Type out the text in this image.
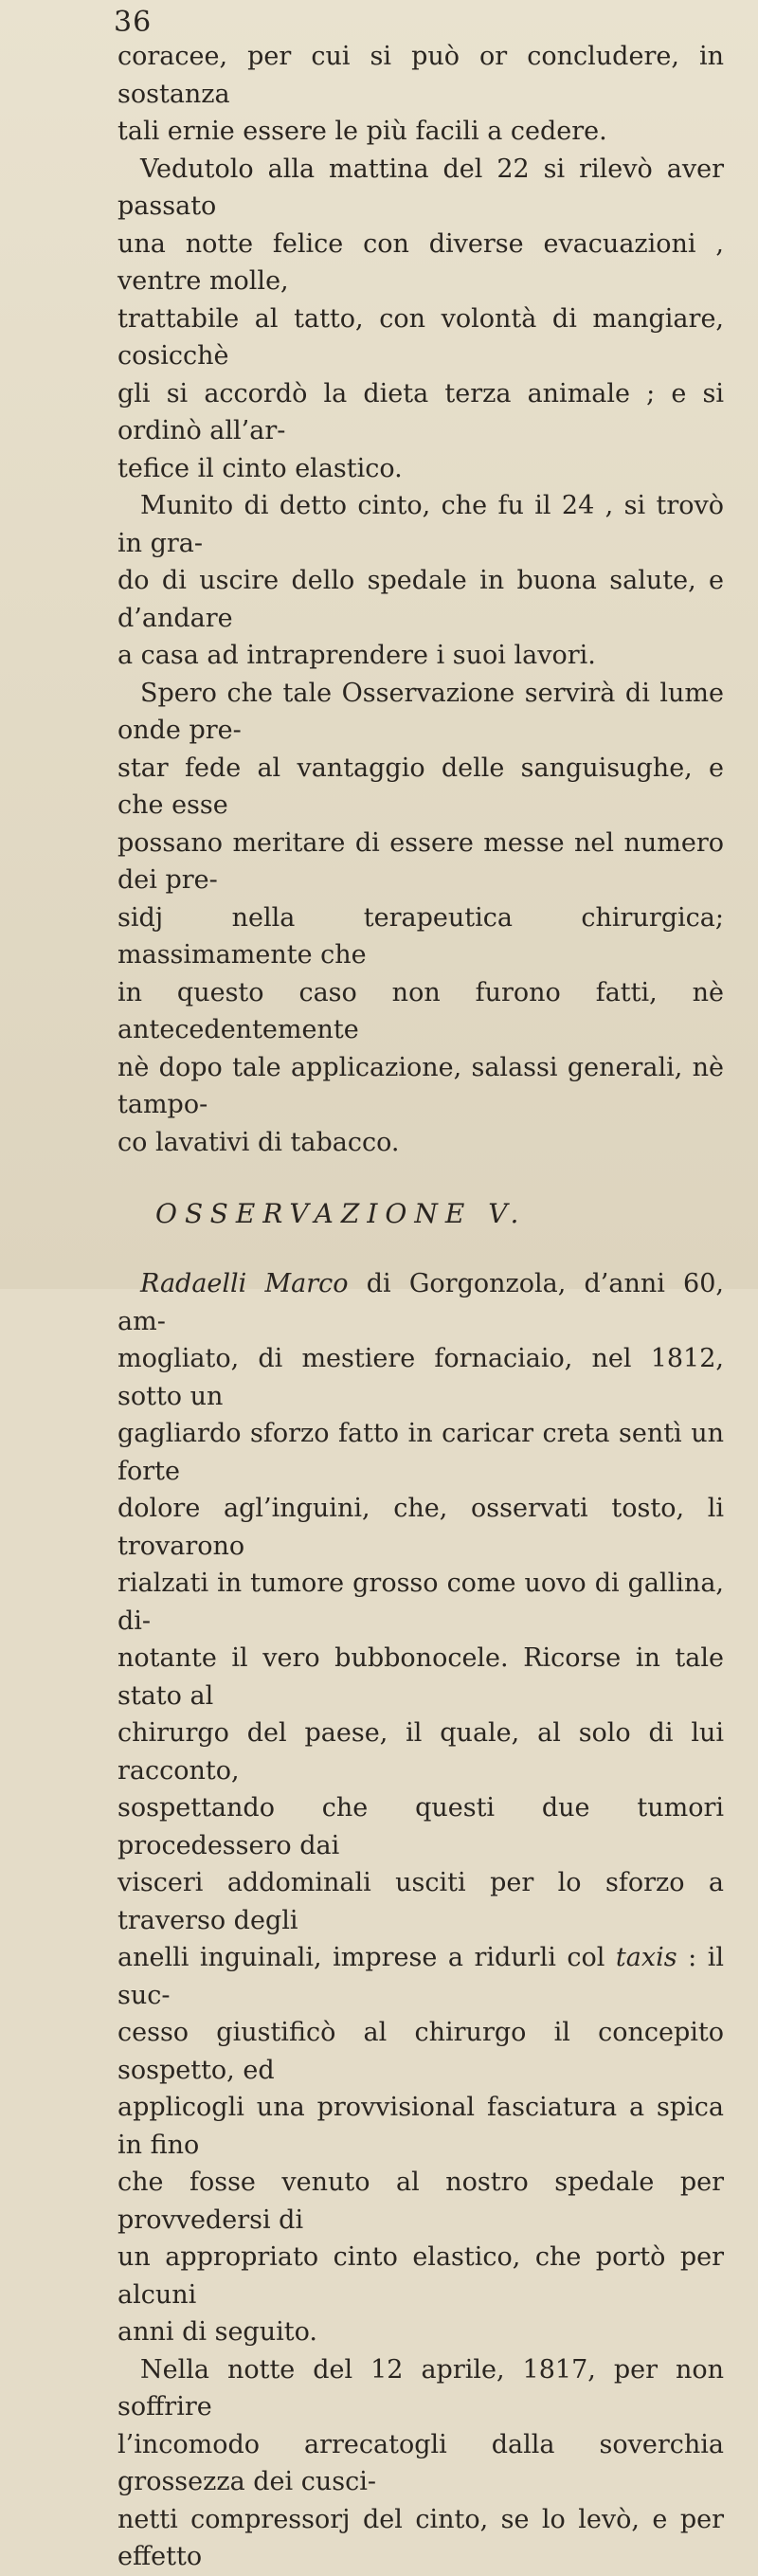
36

coracee, per cui si può or concludere, in sostanza
tali ernie essere le più facili a cedere.

Vedutolo alla mattina del 22 si rilevò aver passato
una notte felice con diverse evacuazioni , ventre molle,
trattabile al tatto, con volontà di mangiare, cosicchè
gli si accordò la dieta terza animale ; e si ordinò all’ar-
tefice il cinto elastico.

Munito di detto cinto, che fu il 24 , si trovò in gra-
do di uscire dello spedale in buona salute, e d’andare
a casa ad intraprendere i suoi lavori.

Spero che tale Osservazione servirà di lume onde pre-
star fede al vantaggio delle sanguisughe, e che esse
possano meritare di essere messe nel numero dei pre-
sidj nella terapeutica chirurgica; massimamente che
in questo caso non furono fatti, nè antecedentemente
nè dopo tale applicazione, salassi generali, nè tampo-
co lavativi di tabacco.

OSSERVAZIONE V.

Radaelli Marco di Gorgonzola, d’anni 60, am-
mogliato, di mestiere fornaciaio, nel 1812, sotto un
gagliardo sforzo fatto in caricar creta sentì un forte
dolore agl’inguini, che, osservati tosto, li trovarono
rialzati in tumore grosso come uovo di gallina, di-
notante il vero bubbonocele. Ricorse in tale stato al
chirurgo del paese, il quale, al solo di lui racconto,
sospettando che questi due tumori procedessero dai
visceri addominali usciti per lo sforzo a traverso degli
anelli inguinali, imprese a ridurli col taxis : il suc-
cesso giustificò al chirurgo il concepito sospetto, ed
applicogli una provvisional fasciatura a spica in fino
che fosse venuto al nostro spedale per provvedersi di
un appropriato cinto elastico, che portò per alcuni
anni di seguito.

Nella notte del 12 aprile, 1817, per non soffrire
l’incomodo arrecatogli dalla soverchia grossezza dei cusci-
netti compressorj del cinto, se lo levò, e per effetto
